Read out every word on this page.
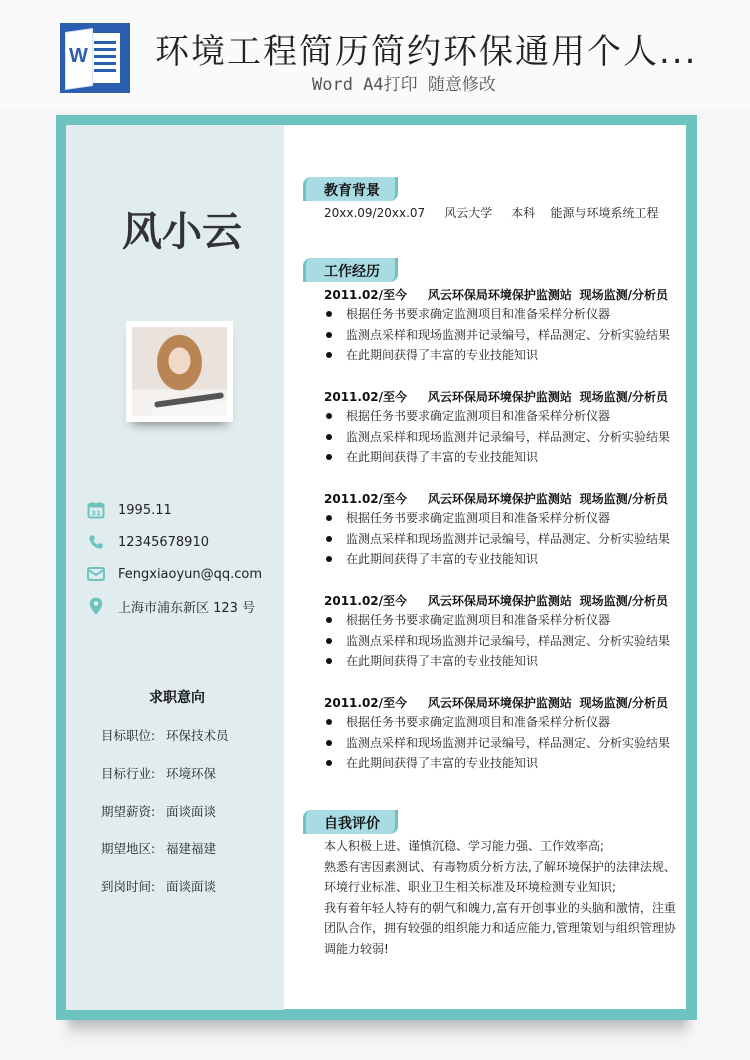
W 环境工程简历简约环保通用个人...
Word A4打印 随意修改
风小云
31 1995.11
12345678910
Fengxiaoyun@qq.com
上海市浦东新区 123 号
求职意向
目标职位: 环保技术员
目标行业: 环境环保
期望薪资: 面谈面谈
期望地区: 福建福建
到岗时间: 面谈面谈
教育背景
20xx.09/20xx.07     风云大学     本科    能源与环境系统工程
工作经历
2011.02/至今     风云环保局环境保护监测站 现场监测/分析员
根据任务书要求确定监测项目和准备采样分析仪器
监测点采样和现场监测并记录编号，样品测定、分析实验结果
在此期间获得了丰富的专业技能知识
2011.02/至今     风云环保局环境保护监测站 现场监测/分析员
根据任务书要求确定监测项目和准备采样分析仪器
监测点采样和现场监测并记录编号，样品测定、分析实验结果
在此期间获得了丰富的专业技能知识
2011.02/至今     风云环保局环境保护监测站 现场监测/分析员
根据任务书要求确定监测项目和准备采样分析仪器
监测点采样和现场监测并记录编号，样品测定、分析实验结果
在此期间获得了丰富的专业技能知识
2011.02/至今     风云环保局环境保护监测站 现场监测/分析员
根据任务书要求确定监测项目和准备采样分析仪器
监测点采样和现场监测并记录编号，样品测定、分析实验结果
在此期间获得了丰富的专业技能知识
2011.02/至今     风云环保局环境保护监测站 现场监测/分析员
根据任务书要求确定监测项目和准备采样分析仪器
监测点采样和现场监测并记录编号，样品测定、分析实验结果
在此期间获得了丰富的专业技能知识
自我评价
本人积极上进、谨慎沉稳、学习能力强、工作效率高;
熟悉有害因素测试、有毒物质分析方法,了解环境保护的法律法规、
环境行业标准、职业卫生相关标准及环境检测专业知识;
我有着年轻人特有的朝气和魄力,富有开创事业的头脑和激情，注重
团队合作，拥有较强的组织能力和适应能力,管理策划与组织管理协
调能力较弱!
